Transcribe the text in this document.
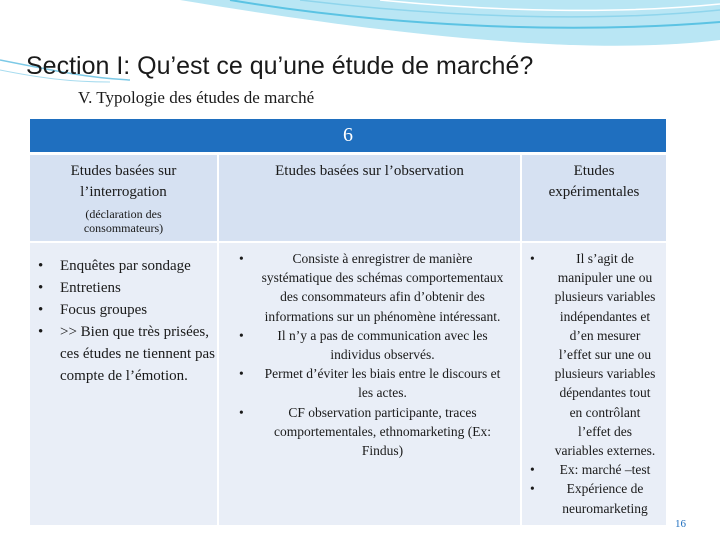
Section I: Qu’est ce qu’une étude de marché?
V. Typologie des études de marché
6
Etudes basées sur l’interrogation
(déclaration des consommateurs)
Etudes basées sur l’observation	Etudes expérimentales
• Enquêtes par sondage
• Entretiens
• Focus groupes
• >> Bien que très prisées, ces études ne tiennent pas compte de l’émotion.
• Consiste à enregistrer de manière systématique des schémas comportementaux des consommateurs afin d’obtenir des informations sur un phénomène intéressant.
• Il n’y a pas de communication avec les individus observés.
• Permet d’éviter les biais entre le discours et les actes.
• CF observation participante, traces comportementales, ethnomarketing (Ex: Findus)
• Il s’agit de manipuler une ou plusieurs variables indépendantes et d’en mesurer l’effet sur une ou plusieurs variables dépendantes tout en contrôlant l’effet des variables externes.
• Ex: marché –test
• Expérience de neuromarketing
16
